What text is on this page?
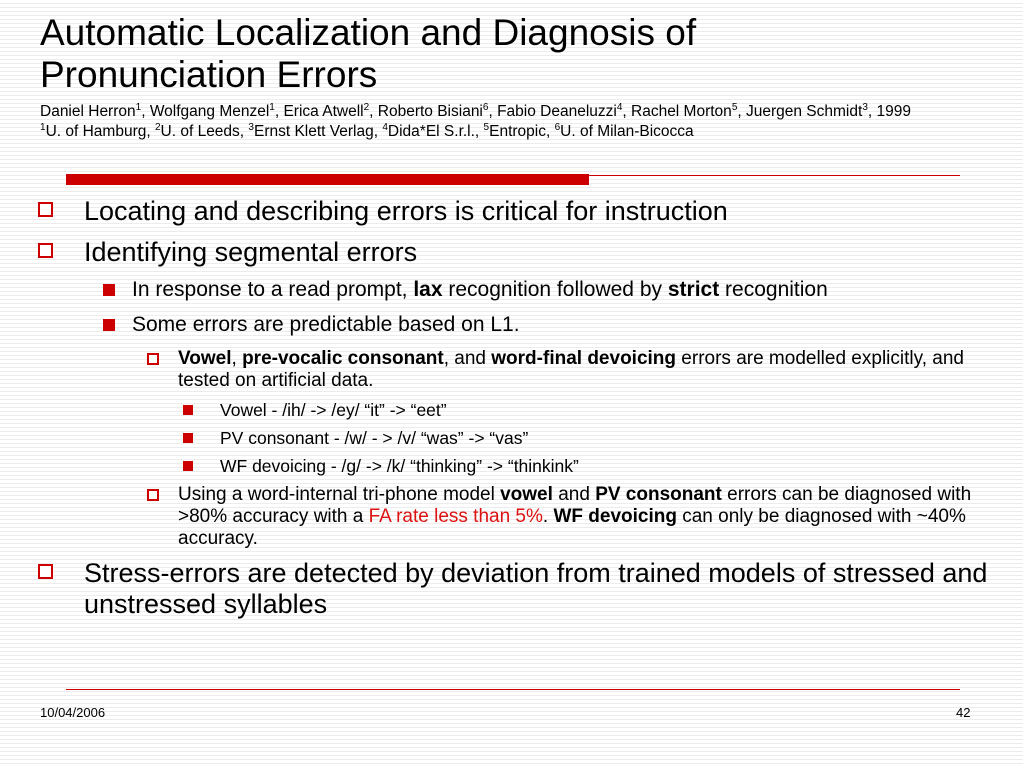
Automatic Localization and Diagnosis of
Pronunciation Errors
Daniel Herron$^1$, Wolfgang Menzel$^1$, Erica Atwell$^2$, Roberto Bisiani$^6$, Fabio Deaneluzzi$^4$, Rachel Morton$^5$, Juergen Schmidt$^3$, 1999
$^1$U. of Hamburg, $^2$U. of Leeds, $^3$Ernst Klett Verlag, $^4$Dida*El S.r.l., $^5$Entropic, $^6$U. of Milan-Bicocca
Locating and describing errors is critical for instruction
Identifying segmental errors
In response to a read prompt, lax recognition followed by strict recognition
Some errors are predictable based on L1.
Vowel, pre-vocalic consonant, and word-final devoicing errors are modelled explicitly, and tested on artificial data.
Vowel - /ih/ -> /ey/ “it” -> “eet”
PV consonant - /w/ - > /v/ “was” -> “vas”
WF devoicing - /g/ -> /k/ “thinking” -> “thinkink”
Using a word-internal tri-phone model vowel and PV consonant errors can be diagnosed with >80% accuracy with a FA rate less than 5%. WF devoicing can only be diagnosed with ~40% accuracy.
Stress-errors are detected by deviation from trained models of stressed and unstressed syllables
10/04/2006	42
